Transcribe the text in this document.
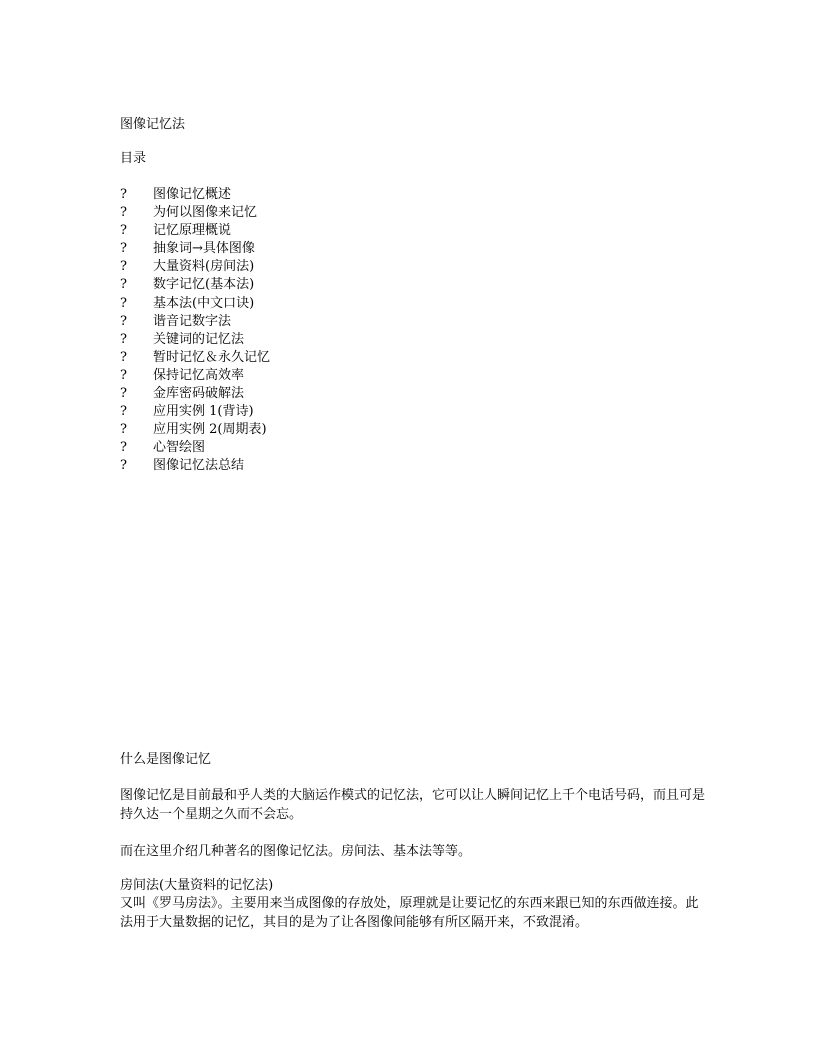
图像记忆法
目录
? 图像记忆概述
? 为何以图像来记忆
? 记忆原理概说
? 抽象词→具体图像
? 大量资料(房间法)
? 数字记忆(基本法)
? 基本法(中文口诀)
? 谐音记数字法
? 关键词的记忆法
? 暂时记忆＆永久记忆
? 保持记忆高效率
? 金库密码破解法
? 应用实例 1(背诗)
? 应用实例 2(周期表)
? 心智绘图
? 图像记忆法总结
什么是图像记忆
图像记忆是目前最和乎人类的大脑运作模式的记忆法，它可以让人瞬间记忆上千个电话号码，而且可是持久达一个星期之久而不会忘。
而在这里介绍几种著名的图像记忆法。房间法、基本法等等。
房间法(大量资料的记忆法)
又叫《罗马房法》。主要用来当成图像的存放处，原理就是让要记忆的东西来跟已知的东西做连接。此法用于大量数据的记忆，其目的是为了让各图像间能够有所区隔开来，不致混淆。
